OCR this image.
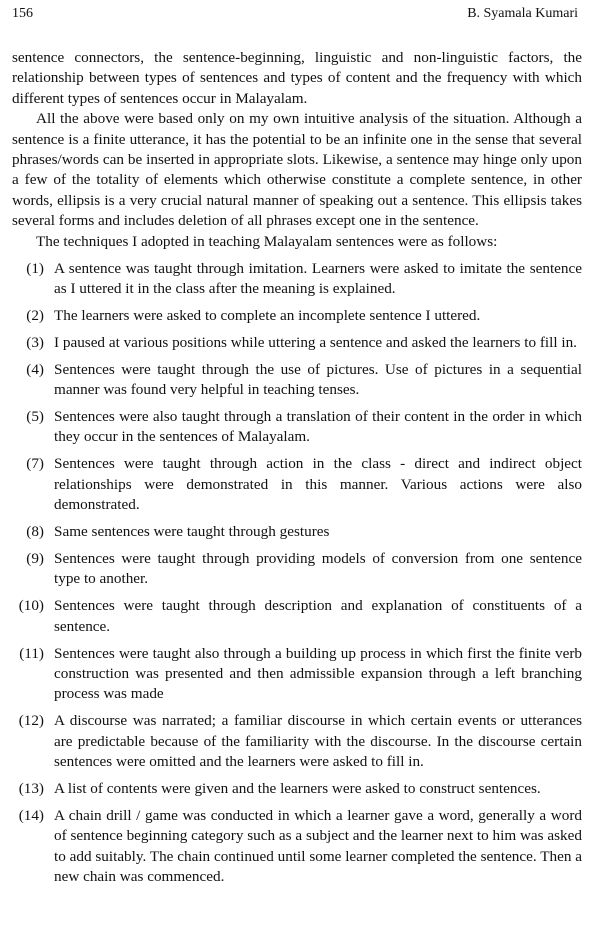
156	B. Syamala Kumari

sentence connectors, the sentence-beginning, linguistic and non-linguistic factors, the relationship between types of sentences and types of content and the frequency with which different types of sentences occur in Malayalam.

All the above were based only on my own intuitive analysis of the situation. Although a sentence is a finite utterance, it has the potential to be an infinite one in the sense that several phrases/words can be inserted in appropriate slots. Likewise, a sentence may hinge only upon a few of the totality of elements which otherwise constitute a complete sentence, in other words, ellipsis is a very crucial natural manner of speaking out a sentence. This ellipsis takes several forms and includes deletion of all phrases except one in the sentence.

The techniques I adopted in teaching Malayalam sentences were as follows:

(1) A sentence was taught through imitation. Learners were asked to imitate the sentence as I uttered it in the class after the meaning is explained.
(2) The learners were asked to complete an incomplete sentence I uttered.
(3) I paused at various positions while uttering a sentence and asked the learners to fill in.
(4) Sentences were taught through the use of pictures. Use of pictures in a sequential manner was found very helpful in teaching tenses.
(5) Sentences were also taught through a translation of their content in the order in which they occur in the sentences of Malayalam.
(7) Sentences were taught through action in the class - direct and indirect object relationships were demonstrated in this manner. Various actions were also demonstrated.
(8) Same sentences were taught through gestures
(9) Sentences were taught through providing models of conversion from one sentence type to another.
(10) Sentences were taught through description and explanation of constituents of a sentence.
(11) Sentences were taught also through a building up process in which first the finite verb construction was presented and then admissible expansion through a left branching process was made
(12) A discourse was narrated; a familiar discourse in which certain events or utterances are predictable because of the familiarity with the discourse. In the discourse certain sentences were omitted and the learners were asked to fill in.
(13) A list of contents were given and the learners were asked to construct sentences.
(14) A chain drill / game was conducted in which a learner gave a word, generally a word of sentence beginning category such as a subject and the learner next to him was asked to add suitably. The chain continued until some learner completed the sentence. Then a new chain was commenced.
